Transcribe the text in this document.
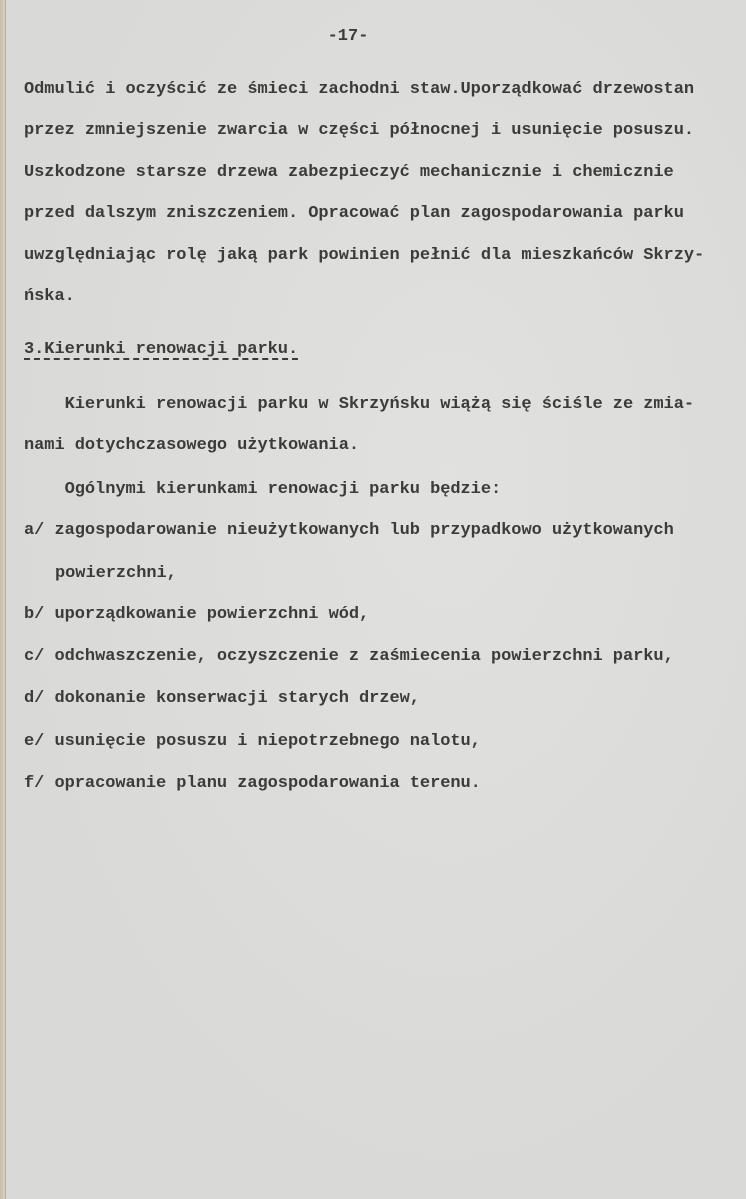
-17-
Odmulić i oczyścić ze śmieci zachodni staw.Uporządkować drzewostan
przez zmniejszenie zwarcia w części północnej i usunięcie posuszu.
Uszkodzone starsze drzewa zabezpieczyć mechanicznie i chemicznie
przed dalszym zniszczeniem. Opracować plan zagospodarowania parku
uwzględniając rolę jaką park powinien pełnić dla mieszkańców Skrzy-
ńska.
3.Kierunki renowacji parku.
Kierunki renowacji parku w Skrzyńsku wiążą się ściśle ze zmia-
nami dotychczasowego użytkowania.
Ogólnymi kierunkami renowacji parku będzie:
a/ zagospodarowanie nieużytkowanych lub przypadkowo użytkowanych
powierzchni,
b/ uporządkowanie powierzchni wód,
c/ odchwaszczenie, oczyszczenie z zaśmiecenia powierzchni parku,
d/ dokonanie konserwacji starych drzew,
e/ usunięcie posuszu i niepotrzebnego nalotu,
f/ opracowanie planu zagospodarowania terenu.
